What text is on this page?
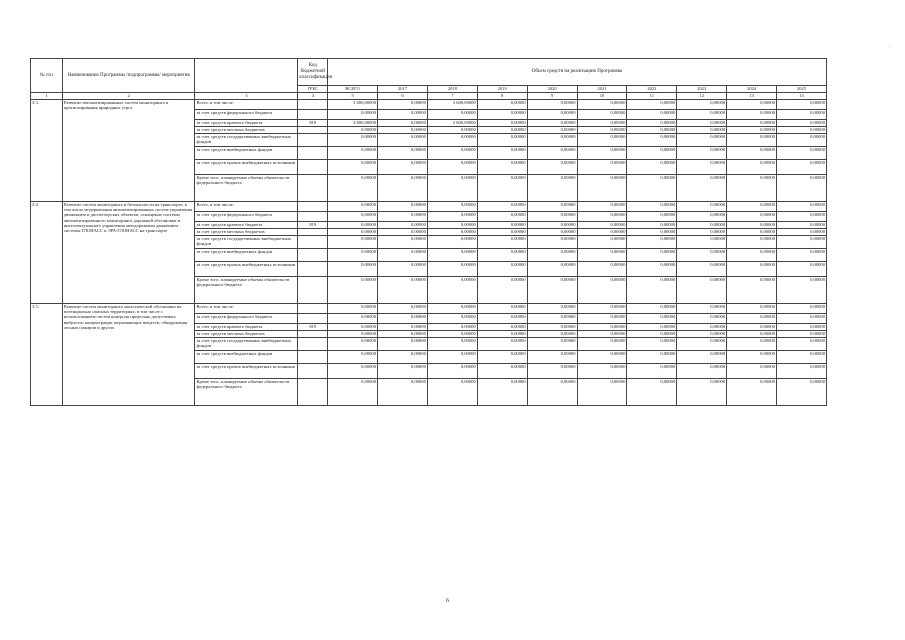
№ п/п	Наименование Программы /подпрограммы/ мероприятия		Код бюджетной классификации	Объем средств на реализацию Программы									
			ГРБС	ВСЕГО	2017	2018	2019	2020	2021	2022	2023	2024	2025
1	2	3	4	5	6	7	8	9	10	11	12	13	14
3.3.	Развитие автоматизированных систем мониторинга и прогнозирования природных угроз	Всего, в том числе:		3 600,00000	0,00000	3 600,00000	0,00000	0,00000	0,00000	0,00000	0,00000	0,00000	0,00000
		за счет средств федерального бюджета		0,00000	0,00000	0,00000	0,00000	0,00000	0,00000	0,00000	0,00000	0,00000	0,00000
		за счет средств краевого бюджета	819	3 600,00000	0,00000	3 600,00000	0,00000	0,00000	0,00000	0,00000	0,00000	0,00000	0,00000
		за счет средств местных бюджетов		0,00000	0,00000	0,00000	0,00000	0,00000	0,00000	0,00000	0,00000	0,00000	0,00000
		за счет средств государственных внебюджетных фондов		0,00000	0,00000	0,00000	0,00000	0,00000	0,00000	0,00000	0,00000	0,00000	0,00000
		за счет средств внебюджетных фондов		0,00000	0,00000	0,00000	0,00000	0,00000	0,00000	0,00000	0,00000	0,00000	0,00000
		за счет средств прочих внебюджетных источников		0,00000	0,00000	0,00000	0,00000	0,00000	0,00000	0,00000	0,00000	0,00000	0,00000
		Кроме того, планируемые объемы обязательств федерального бюджета		0,00000	0,00000	0,00000	0,00000	0,00000	0,00000	0,00000	0,00000	0,00000	0,00000
3.4.	Развитие систем мониторинга и безопасности на транспорте, в том числе модернизация автоматизированных систем управления движением и диспетчерских объектов, оснащение системы автоматизированного мониторинга дорожной обстановки и интеллектуального управления автодорожным движением системы ГЛОНАСС и ЭРА-ГЛОНАСС на транспорте	Всего, в том числе:		0,00000	0,00000	0,00000	0,00000	0,00000	0,00000	0,00000	0,00000	0,00000	0,00000
		за счет средств федерального бюджета		0,00000	0,00000	0,00000	0,00000	0,00000	0,00000	0,00000	0,00000	0,00000	0,00000
		за счет средств краевого бюджета	819	0,00000	0,00000	0,00000	0,00000	0,00000	0,00000	0,00000	0,00000	0,00000	0,00000
		за счет средств местных бюджетов		0,00000	0,00000	0,00000	0,00000	0,00000	0,00000	0,00000	0,00000	0,00000	0,00000
		за счет средств государственных внебюджетных фондов		0,00000	0,00000	0,00000	0,00000	0,00000	0,00000	0,00000	0,00000	0,00000	0,00000
		за счет средств внебюджетных фондов		0,00000	0,00000	0,00000	0,00000	0,00000	0,00000	0,00000	0,00000	0,00000	0,00000
		за счет средств прочих внебюджетных источников		0,00000	0,00000	0,00000	0,00000	0,00000	0,00000	0,00000	0,00000	0,00000	0,00000
		Кроме того, планируемые объемы обязательств федерального бюджета		0,00000	0,00000	0,00000	0,00000	0,00000	0,00000	0,00000	0,00000	0,00000	0,00000
3.5.	Развитие систем мониторинга экологической обстановки на потенциально опасных территориях, в том числе с использованием систем контроля предельно допустимых выбросов, концентрации загрязняющих веществ, обнаружения лесных пожаров и других	Всего, в том числе:		0,00000	0,00000	0,00000	0,00000	0,00000	0,00000	0,00000	0,00000	0,00000	0,00000
		за счет средств федерального бюджета		0,00000	0,00000	0,00000	0,00000	0,00000	0,00000	0,00000	0,00000	0,00000	0,00000
		за счет средств краевого бюджета	819	0,00000	0,00000	0,00000	0,00000	0,00000	0,00000	0,00000	0,00000	0,00000	0,00000
		за счет средств местных бюджетов		0,00000	0,00000	0,00000	0,00000	0,00000	0,00000	0,00000	0,00000	0,00000	0,00000
		за счет средств государственных внебюджетных фондов		0,00000	0,00000	0,00000	0,00000	0,00000	0,00000	0,00000	0,00000	0,00000	0,00000
		за счет средств внебюджетных фондов		0,00000	0,00000	0,00000	0,00000	0,00000	0,00000	0,00000	0,00000	0,00000	0,00000
		за счет средств прочих внебюджетных источников		0,00000	0,00000	0,00000	0,00000	0,00000	0,00000	0,00000	0,00000	0,00000	0,00000
		Кроме того, планируемые объемы обязательств федерального бюджета		0,00000	0,00000	0,00000	0,00000	0,00000	0,00000	0,00000	0,00000	0,00000	0,00000
6
·
